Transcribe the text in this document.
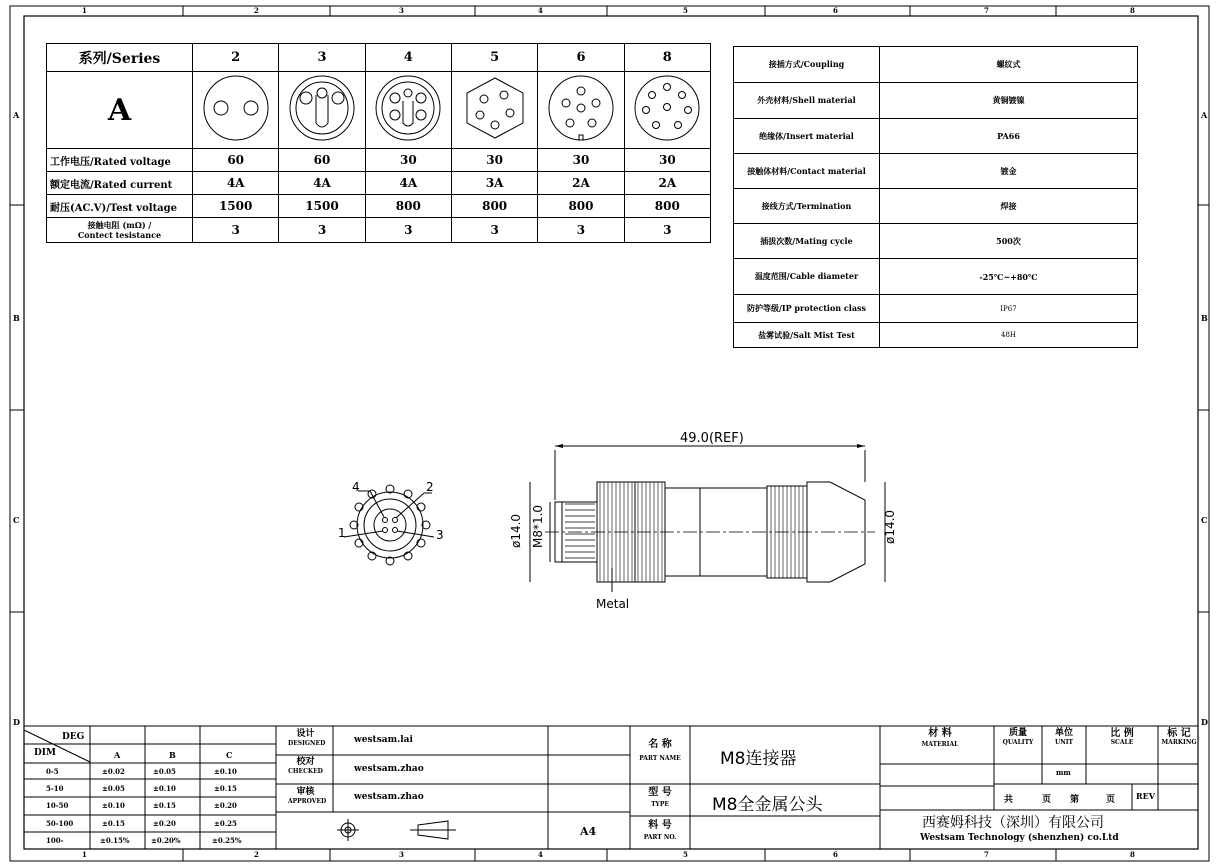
1	2	3	4	5	6	7	8
1	2	3	4	5	6	7	8
A
B
C
D
A
B
C
D
系列/Series	2	3	4	5	6	8
A						
工作电压/Rated voltage	60	60	30	30	30	30
额定电流/Rated current	4A	4A	4A	3A	2A	2A
耐压(AC.V)/Test voltage	1500	1500	800	800	800	800

接触电阻 (mΩ) /
Contect tesistance	3	3	3	3	3	3
接插方式/Coupling	螺纹式
外壳材料/Shell material	黄铜镀镍
绝缘体/Insert material	PA66
接触体材料/Contact material	镀金
接线方式/Termination	焊接
插拔次数/Mating cycle	500次
温度范围/Cable diameter	-25℃~+80℃
防护等级/IP protection class	IP67
盐雾试验/Salt Mist Test	48H
4	2
1	3
49.0(REF)
ø14.0 M8*1.0	ø14.0
Metal
DEG
DIM	A	B	C
0-5	±0.02	±0.05	±0.10
5-10	±0.05	±0.10	±0.15
10-50	±0.10	±0.15	±0.20
50-100	±0.15	±0.20	±0.25
100-	±0.15%	±0.20%	±0.25%
设计
DESIGNED	westsam.lai
校对
CHECKED	westsam.zhao
审核
APPROVED	westsam.zhao
A4
名 称
PART NAME M8连接器
型 号
TYPE	M8全金属公头
料 号
PART NO.
材 料
MATERIAL
质量
QUALITY
单位
UNIT
mm
比 例
SCALE
标 记
MARKING
共	页 第	页	REV
西赛姆科技（深圳）有限公司
Westsam Technology (shenzhen) co.Ltd
